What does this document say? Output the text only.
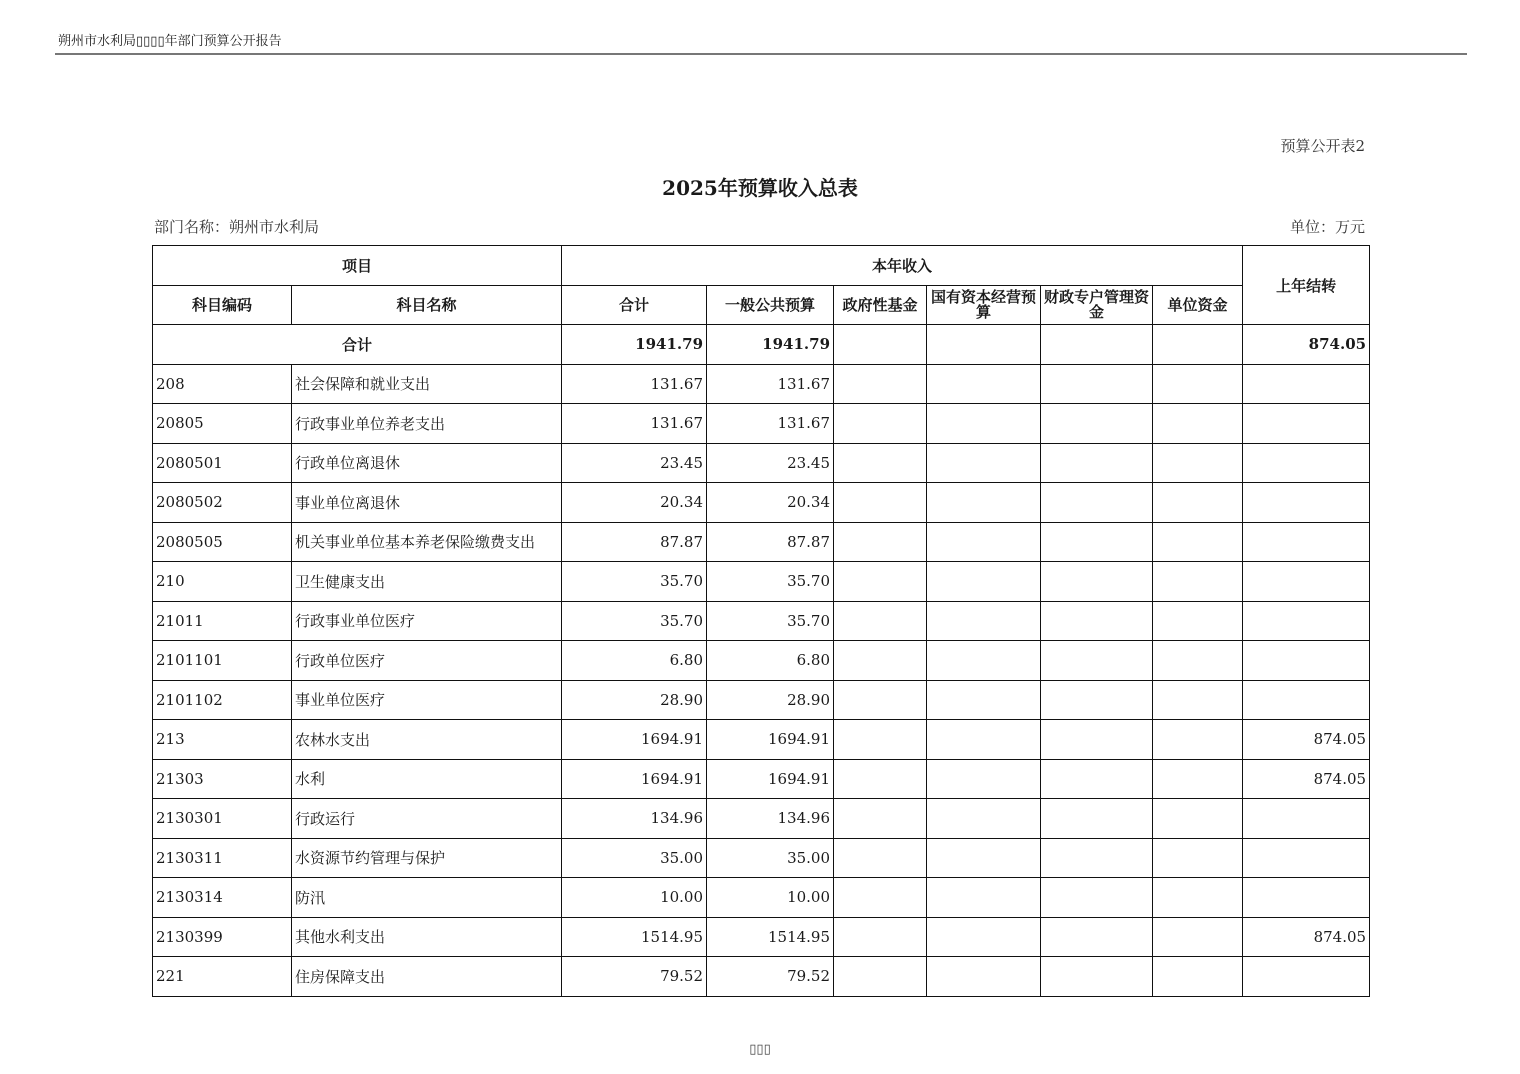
朔州市水利局▯▯▯▯年部门预算公开报告
预算公开表2
2025年预算收入总表
部门名称：朔州市水利局	单位：万元
项目		本年收入						上年结转
科目编码	科目名称	合计	一般公共预算	政府性基金	国有资本经营预算	财政专户管理资金	单位资金	
合计		1941.79	1941.79					874.05
208	社会保障和就业支出	131.67	131.67					
20805	行政事业单位养老支出	131.67	131.67					
2080501	行政单位离退休	23.45	23.45					
2080502	事业单位离退休	20.34	20.34					
2080505	机关事业单位基本养老保险缴费支出	87.87	87.87					
210	卫生健康支出	35.70	35.70					
21011	行政事业单位医疗	35.70	35.70					
2101101	行政单位医疗	6.80	6.80					
2101102	事业单位医疗	28.90	28.90					
213	农林水支出	1694.91	1694.91					874.05
21303	水利	1694.91	1694.91					874.05
2130301	行政运行	134.96	134.96					
2130311	水资源节约管理与保护	35.00	35.00					
2130314	防汛	10.00	10.00					
2130399	其他水利支出	1514.95	1514.95					874.05
221	住房保障支出	79.52	79.52					
▯▯▯
